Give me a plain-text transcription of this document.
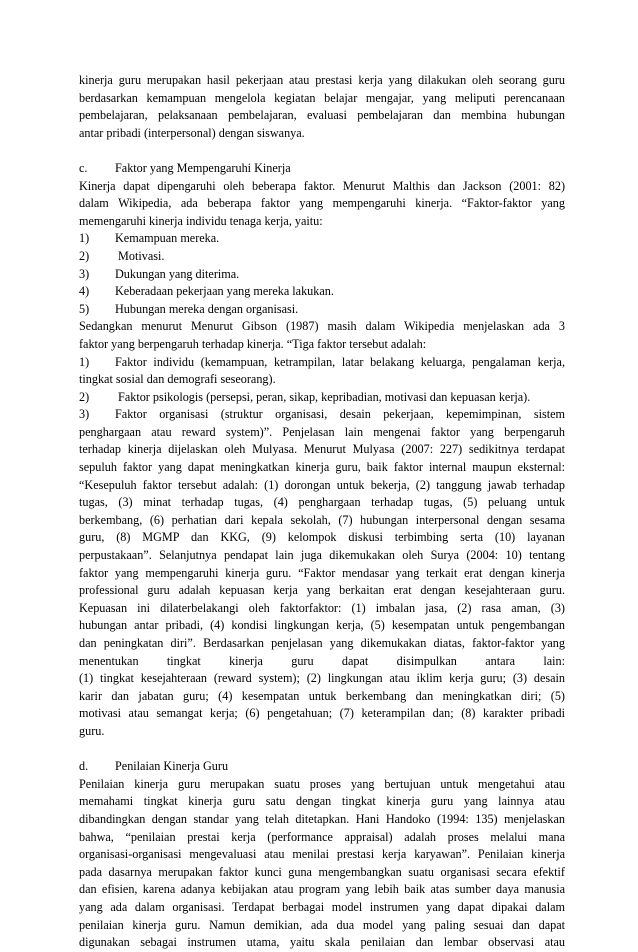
kinerja guru merupakan hasil pekerjaan atau prestasi kerja yang dilakukan oleh seorang guru
berdasarkan kemampuan mengelola kegiatan belajar mengajar, yang meliputi perencanaan
pembelajaran, pelaksanaan pembelajaran, evaluasi pembelajaran dan membina hubungan
antar pribadi (interpersonal) dengan siswanya.
c. Faktor yang Mempengaruhi Kinerja
Kinerja dapat dipengaruhi oleh beberapa faktor. Menurut Malthis dan Jackson (2001: 82)
dalam Wikipedia, ada beberapa faktor yang mempengaruhi kinerja. “Faktor-faktor yang
memengaruhi kinerja individu tenaga kerja, yaitu:
1) Kemampuan mereka.
2) Motivasi.
3) Dukungan yang diterima.
4) Keberadaan pekerjaan yang mereka lakukan.
5) Hubungan mereka dengan organisasi.
Sedangkan menurut Menurut Gibson (1987) masih dalam Wikipedia menjelaskan ada 3
faktor yang berpengaruh terhadap kinerja. “Tiga faktor tersebut adalah:
1) Faktor individu (kemampuan, ketrampilan, latar belakang keluarga, pengalaman kerja,
tingkat sosial dan demografi seseorang).
2) Faktor psikologis (persepsi, peran, sikap, kepribadian, motivasi dan kepuasan kerja).
3) Faktor organisasi (struktur organisasi, desain pekerjaan, kepemimpinan, sistem
penghargaan atau reward system)”. Penjelasan lain mengenai faktor yang berpengaruh
terhadap kinerja dijelaskan oleh Mulyasa. Menurut Mulyasa (2007: 227) sedikitnya terdapat
sepuluh faktor yang dapat meningkatkan kinerja guru, baik faktor internal maupun eksternal:
“Kesepuluh faktor tersebut adalah: (1) dorongan untuk bekerja, (2) tanggung jawab terhadap
tugas, (3) minat terhadap tugas, (4) penghargaan terhadap tugas, (5) peluang untuk
berkembang, (6) perhatian dari kepala sekolah, (7) hubungan interpersonal dengan sesama
guru, (8) MGMP dan KKG, (9) kelompok diskusi terbimbing serta (10) layanan
perpustakaan”. Selanjutnya pendapat lain juga dikemukakan oleh Surya (2004: 10) tentang
faktor yang mempengaruhi kinerja guru. “Faktor mendasar yang terkait erat dengan kinerja
professional guru adalah kepuasan kerja yang berkaitan erat dengan kesejahteraan guru.
Kepuasan ini dilaterbelakangi oleh faktorfaktor: (1) imbalan jasa, (2) rasa aman, (3)
hubungan antar pribadi, (4) kondisi lingkungan kerja, (5) kesempatan untuk pengembangan
dan peningkatan diri”. Berdasarkan penjelasan yang dikemukakan diatas, faktor-faktor yang
menentukan tingkat kinerja guru dapat disimpulkan antara lain:
(1) tingkat kesejahteraan (reward system); (2) lingkungan atau iklim kerja guru; (3) desain
karir dan jabatan guru; (4) kesempatan untuk berkembang dan meningkatkan diri; (5)
motivasi atau semangat kerja; (6) pengetahuan; (7) keterampilan dan; (8) karakter pribadi
guru.
d. Penilaian Kinerja Guru
Penilaian kinerja guru merupakan suatu proses yang bertujuan untuk mengetahui atau
memahami tingkat kinerja guru satu dengan tingkat kinerja guru yang lainnya atau
dibandingkan dengan standar yang telah ditetapkan. Hani Handoko (1994: 135) menjelaskan
bahwa, “penilaian prestai kerja (performance appraisal) adalah proses melalui mana
organisasi-organisasi mengevaluasi atau menilai prestasi kerja karyawan”. Penilaian kinerja
pada dasarnya merupakan faktor kunci guna mengembangkan suatu organisasi secara efektif
dan efisien, karena adanya kebijakan atau program yang lebih baik atas sumber daya manusia
yang ada dalam organisasi. Terdapat berbagai model instrumen yang dapat dipakai dalam
penilaian kinerja guru. Namun demikian, ada dua model yang paling sesuai dan dapat
digunakan sebagai instrumen utama, yaitu skala penilaian dan lembar observasi atau
